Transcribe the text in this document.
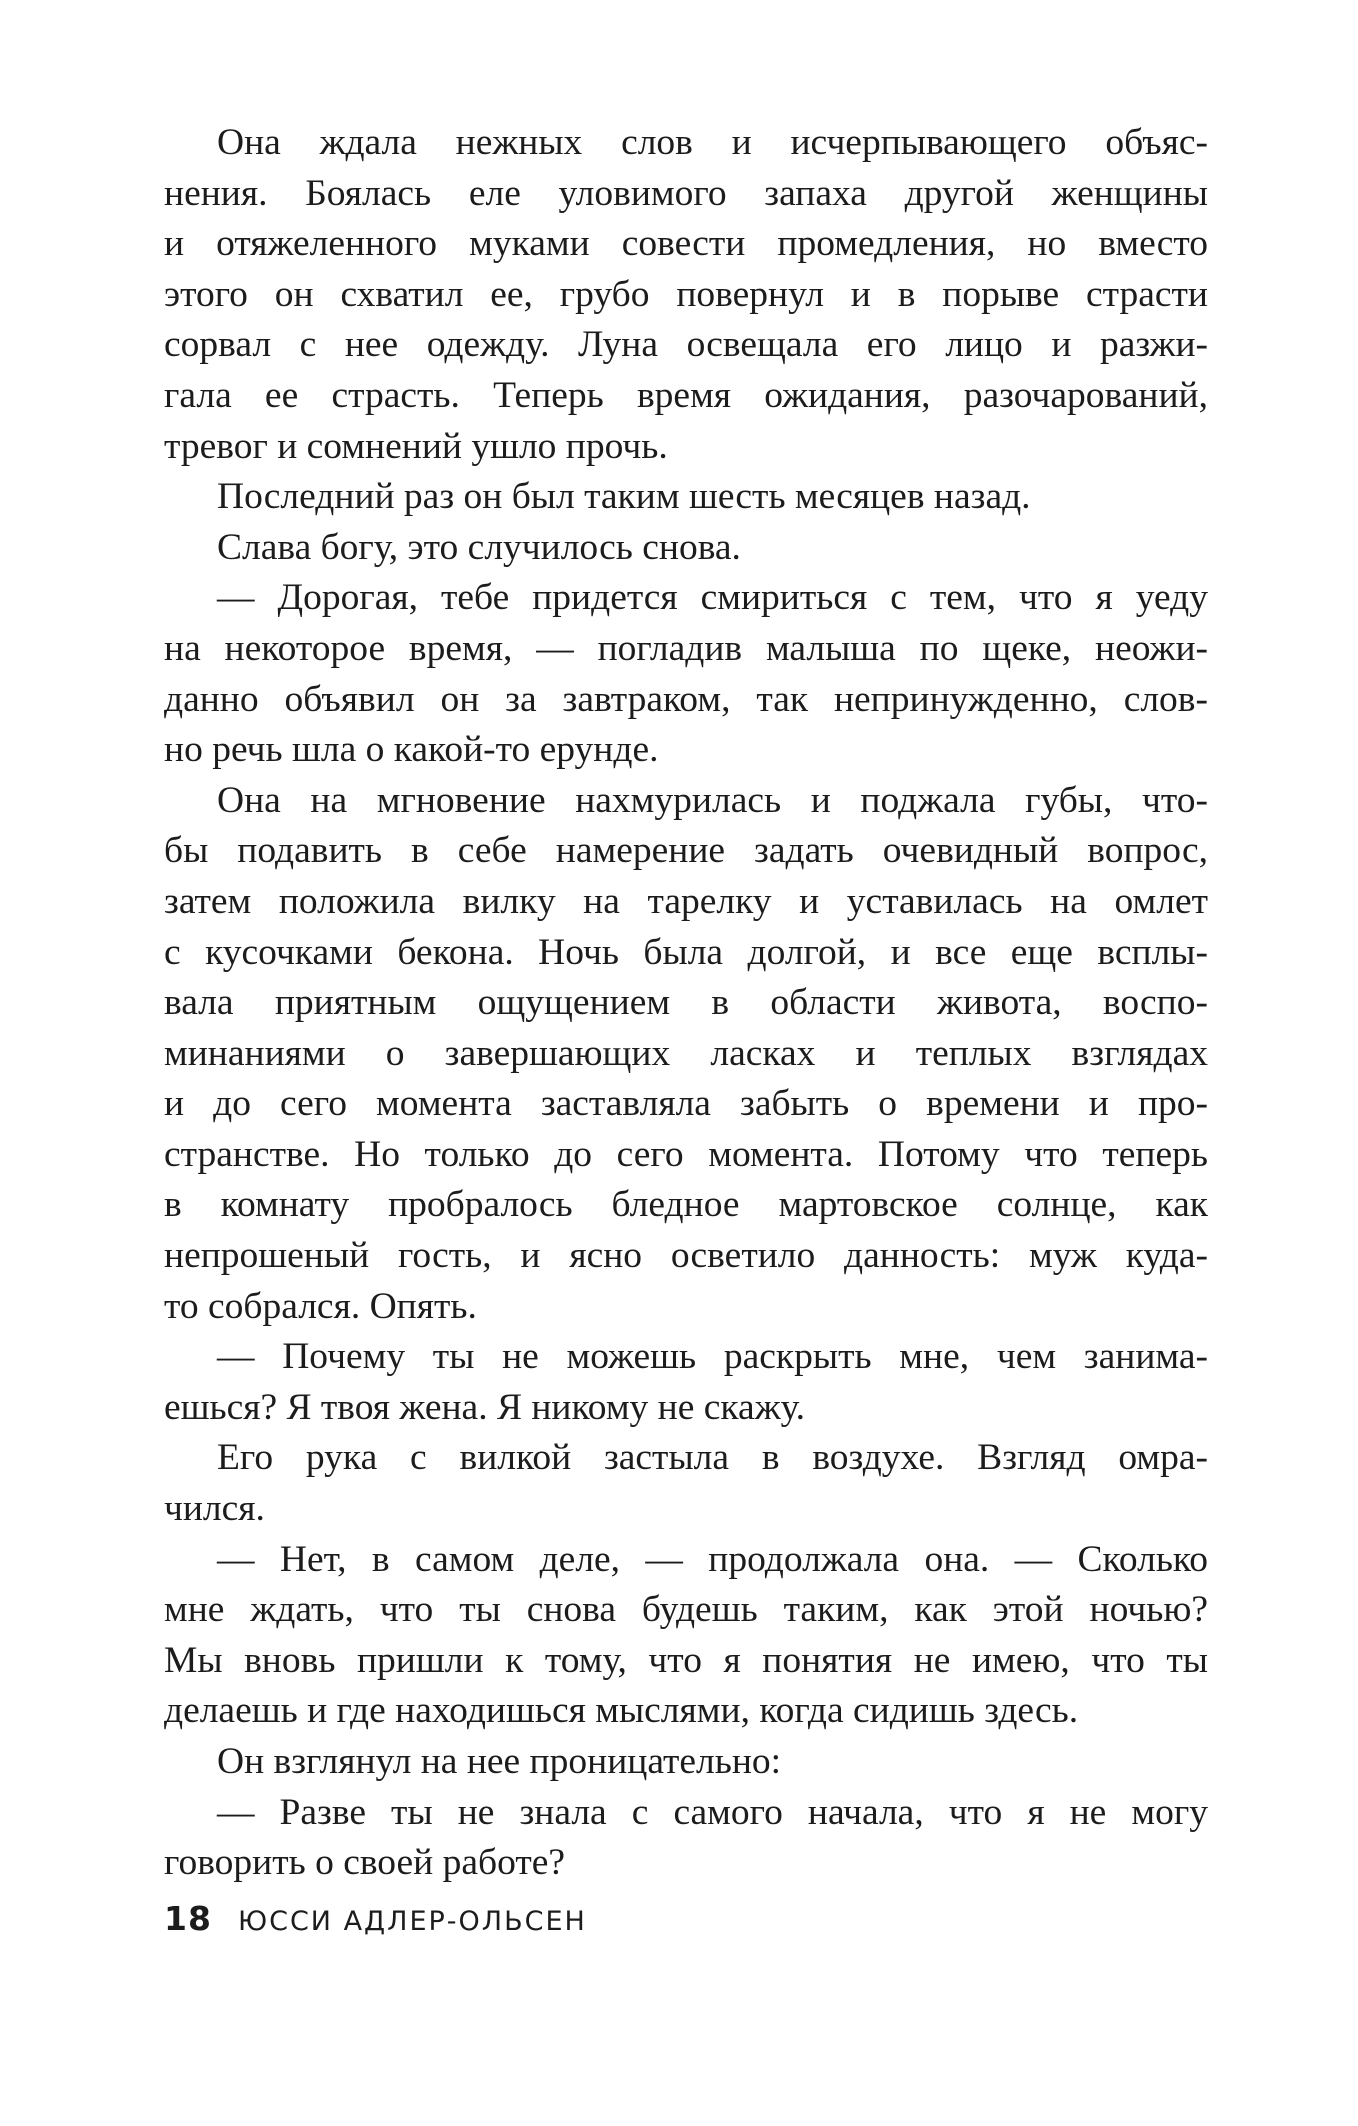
Она ждала нежных слов и исчерпывающего объяс-
нения. Боялась еле уловимого запаха другой женщины
и отяжеленного муками совести промедления, но вместо
этого он схватил ее, грубо повернул и в порыве страсти
сорвал с нее одежду. Луна освещала его лицо и разжи-
гала ее страсть. Теперь время ожидания, разочарований,
тревог и сомнений ушло прочь.
Последний раз он был таким шесть месяцев назад.
Слава богу, это случилось снова.
— Дорогая, тебе придется смириться с тем, что я уеду
на некоторое время, — погладив малыша по щеке, неожи-
данно объявил он за завтраком, так непринужденно, слов-
но речь шла о какой-то ерунде.
Она на мгновение нахмурилась и поджала губы, что-
бы подавить в себе намерение задать очевидный вопрос,
затем положила вилку на тарелку и уставилась на омлет
с кусочками бекона. Ночь была долгой, и все еще всплы-
вала приятным ощущением в области живота, воспо-
минаниями о завершающих ласках и теплых взглядах
и до сего момента заставляла забыть о времени и про-
странстве. Но только до сего момента. Потому что теперь
в комнату пробралось бледное мартовское солнце, как
непрошеный гость, и ясно осветило данность: муж куда-
то собрался. Опять.
— Почему ты не можешь раскрыть мне, чем занима-
ешься? Я твоя жена. Я никому не скажу.
Его рука с вилкой застыла в воздухе. Взгляд омра-
чился.
— Нет, в самом деле, — продолжала она. — Сколько
мне ждать, что ты снова будешь таким, как этой ночью?
Мы вновь пришли к тому, что я понятия не имею, что ты
делаешь и где находишься мыслями, когда сидишь здесь.
Он взглянул на нее проницательно:
— Разве ты не знала с самого начала, что я не могу
говорить о своей работе?
18 ЮССИ АДЛЕР-ОЛЬСЕН
